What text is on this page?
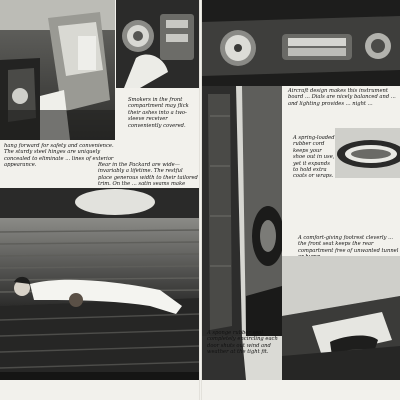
Smokers in the front compartment may flick their ashes into a two-sleeve receiver conveniently covered.

hang forward for safety and convenience. The sturdy steel hinges are uniquely concealed to eliminate ... lines of exterior appearance.	Rear in the Packard are wide—invariably a lifetime. The restful place generous width to their tailored trim. On the ... satin seams make

Aircraft design makes this instrument board ... Dials are nicely balanced and ... and lighting provides ... night ...

A spring-loaded rubber cord keeps your shoe out in use, yet it expands to hold extra coats or wraps.

A comfort-giving footrest cleverly ... the front seat keeps the rear compartment free of unwanted tunnel

A sponge rubber seal completely encircling each door shuts out wind and weather at the tight fit.
